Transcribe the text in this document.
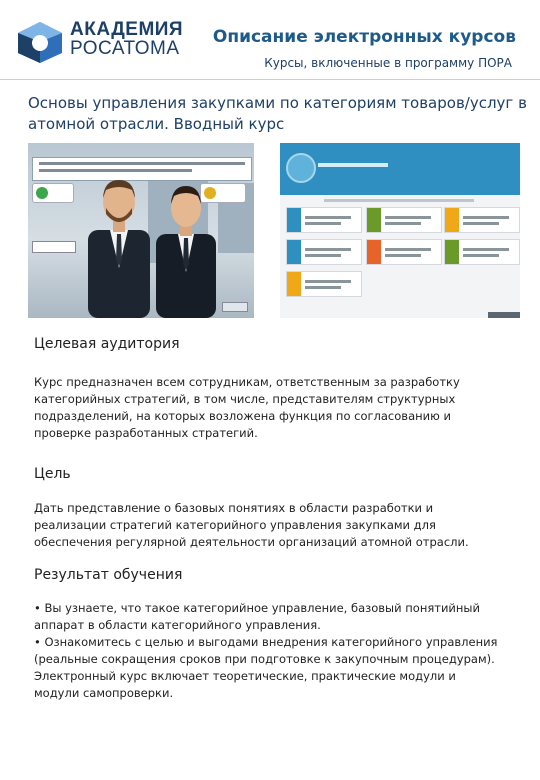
АКАДЕМИЯ
РОСАТОМА
Описание электронных курсов
Курсы, включенные в программу ПОРА
Основы управления закупками по категориям товаров/услуг в атомной отрасли. Вводный курс
Целевая аудитория

Курс предназначен всем сотрудникам, ответственным за разработку категорийных стратегий, в том числе, представителям структурных подразделений, на которых возложена функция по согласованию и проверке разработанных стратегий.

Цель

Дать представление о базовых понятиях в области разработки и реализации стратегий категорийного управления закупками для обеспечения регулярной деятельности организаций атомной отрасли.

Результат обучения

• Вы узнаете, что такое категорийное управление, базовый понятийный аппарат в области категорийного управления.

• Ознакомитесь с целью и выгодами внедрения категорийного управления (реальные сокращения сроков при подготовке к закупочным процедурам).

Электронный курс включает теоретические, практические модули и модули самопроверки.
